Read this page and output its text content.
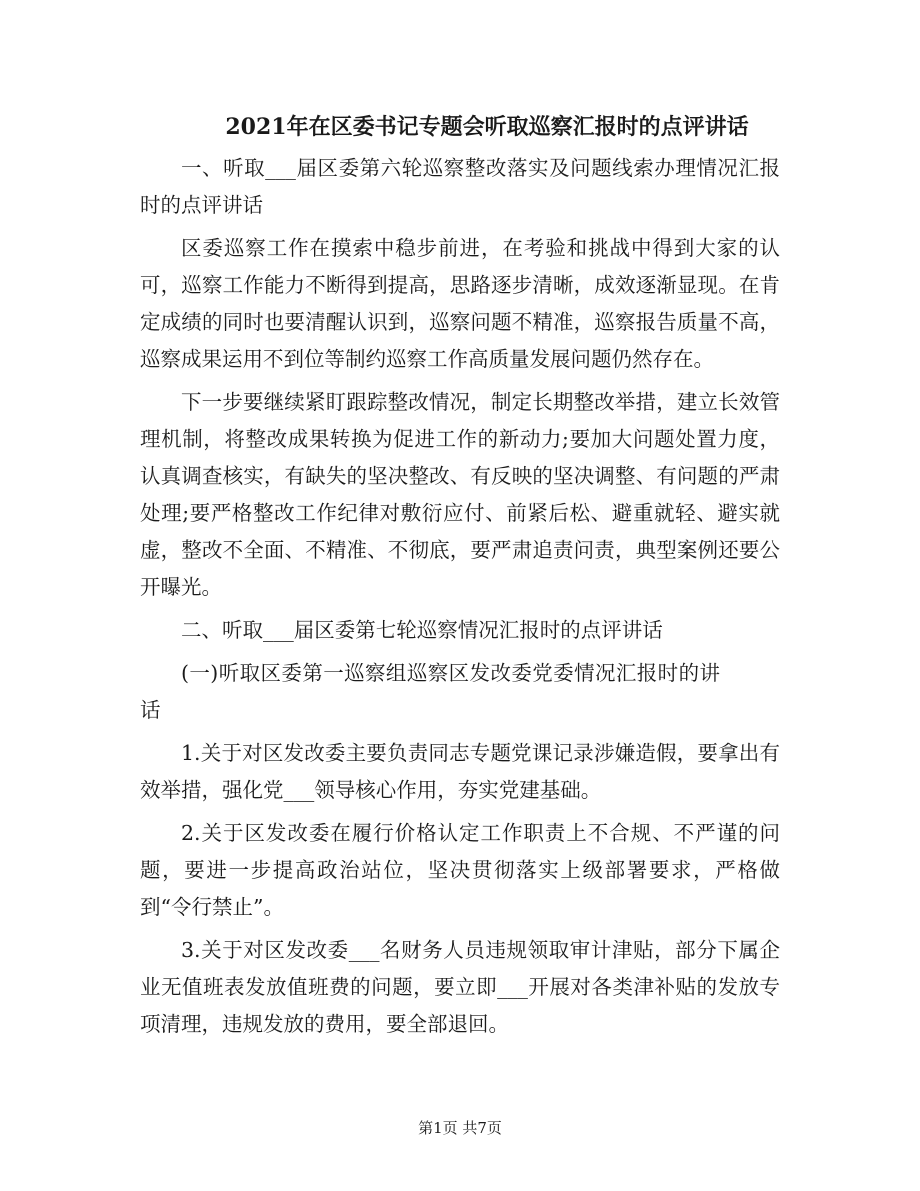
2021年在区委书记专题会听取巡察汇报时的点评讲话

一、听取___届区委第六轮巡察整改落实及问题线索办理情况汇报时的点评讲话

区委巡察工作在摸索中稳步前进，在考验和挑战中得到大家的认可，巡察工作能力不断得到提高，思路逐步清晰，成效逐渐显现。在肯定成绩的同时也要清醒认识到，巡察问题不精准，巡察报告质量不高，巡察成果运用不到位等制约巡察工作高质量发展问题仍然存在。

下一步要继续紧盯跟踪整改情况，制定长期整改举措，建立长效管理机制，将整改成果转换为促进工作的新动力;要加大问题处置力度，认真调查核实，有缺失的坚决整改、有反映的坚决调整、有问题的严肃处理;要严格整改工作纪律对敷衍应付、前紧后松、避重就轻、避实就虚，整改不全面、不精准、不彻底，要严肃追责问责，典型案例还要公开曝光。

二、听取___届区委第七轮巡察情况汇报时的点评讲话

(一)听取区委第一巡察组巡察区发改委党委情况汇报时的讲话

1.关于对区发改委主要负责同志专题党课记录涉嫌造假，要拿出有效举措，强化党___领导核心作用，夯实党建基础。

2.关于区发改委在履行价格认定工作职责上不合规、不严谨的问题，要进一步提高政治站位，坚决贯彻落实上级部署要求，严格做到“令行禁止”。

3.关于对区发改委___名财务人员违规领取审计津贴，部分下属企业无值班表发放值班费的问题，要立即___开展对各类津补贴的发放专项清理，违规发放的费用，要全部退回。

第1页 共7页
